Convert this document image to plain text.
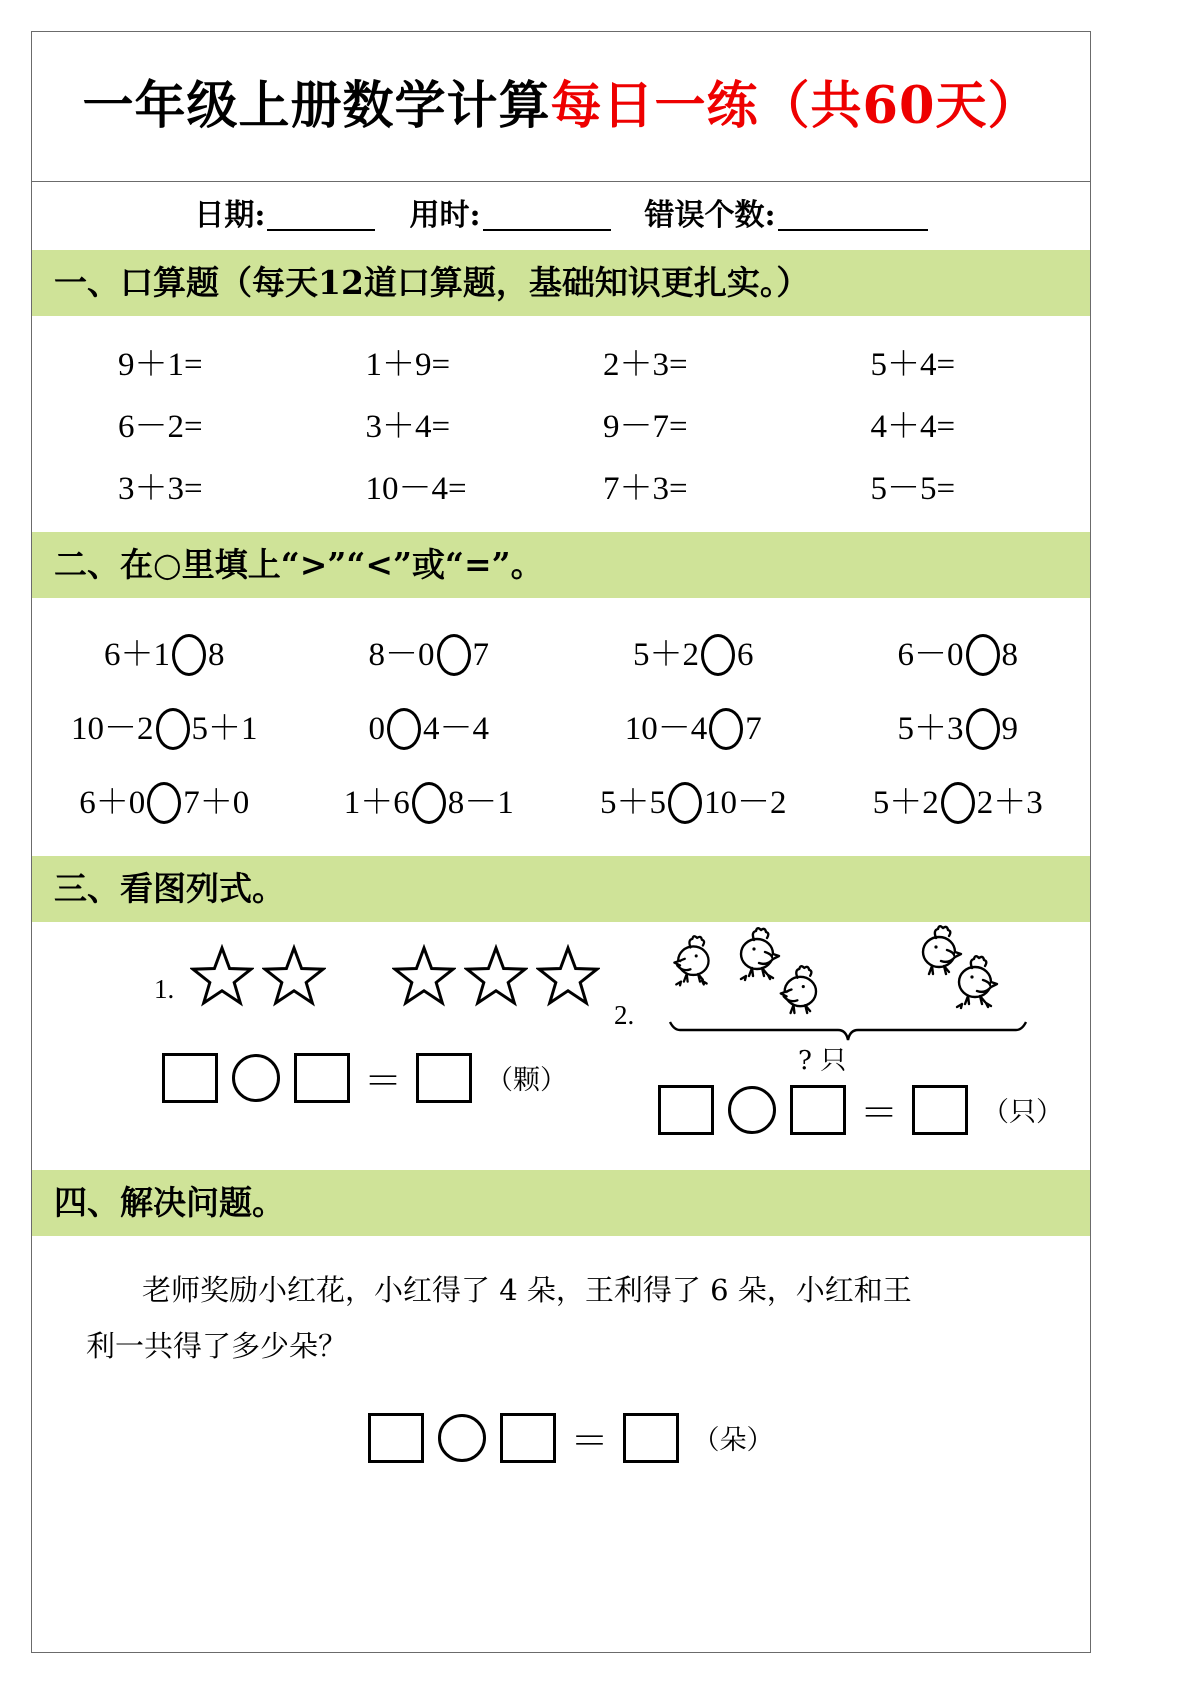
一年级上册数学计算每日一练（共60天）
日期:	用时:	错误个数:
一、口算题（每天12道口算题，基础知识更扎实。）
9＋1=	1＋9=	2＋3=	5＋4=
6－2=	3＋4=	9－7=	4＋4=
3＋3=	10－4=	7＋3=	5－5=
二、在○里填上“>”“<”或“=”。
6＋1 8	8－0 7	5＋2 6	6－0 8
10－2 5＋1	0 4－4	10－4 7	5＋3 9
6＋0 7＋0	1＋6 8－1	5＋5 10－2	5＋2 2＋3
三、看图列式。
1.
＝	（颗）
2.
? 只
＝	（只）
四、解决问题。

老师奖励小红花，小红得了 4 朵，王利得了 6 朵，小红和王

利一共得了多少朵？

＝	（朵）
